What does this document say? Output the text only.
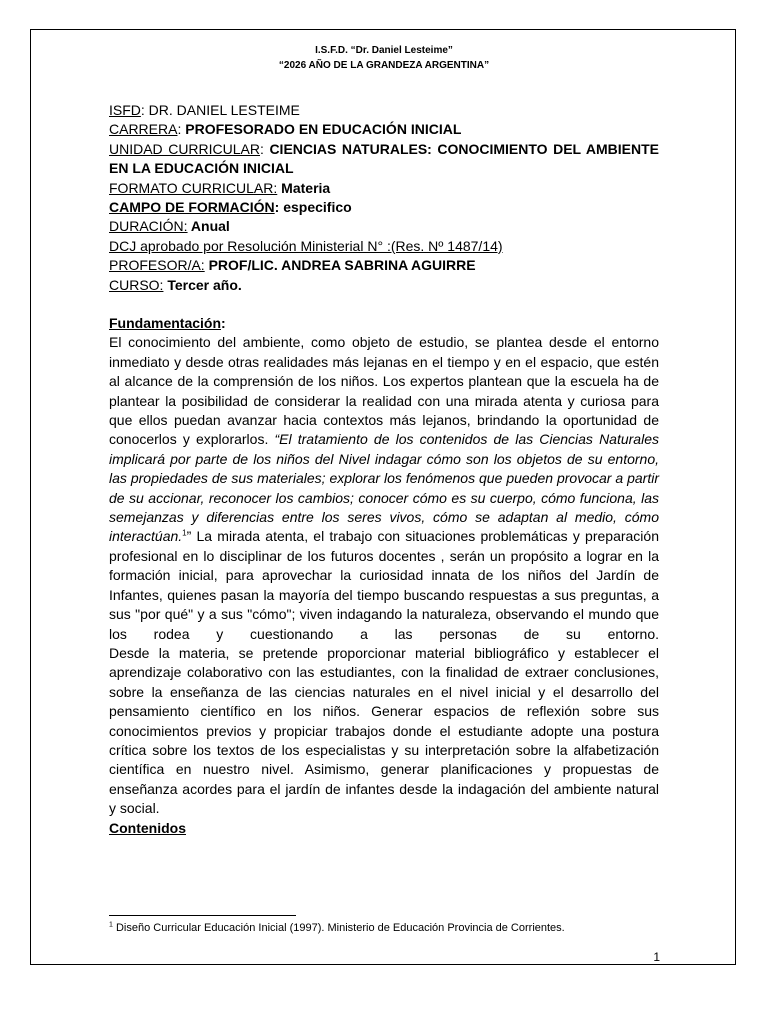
I.S.F.D. “Dr. Daniel Lesteime”
“2026 AÑO DE LA GRANDEZA ARGENTINA”
ISFD: DR. DANIEL LESTEIME
CARRERA: PROFESORADO EN EDUCACIÓN INICIAL
UNIDAD CURRICULAR: CIENCIAS NATURALES: CONOCIMIENTO DEL AMBIENTE EN LA EDUCACIÓN INICIAL
FORMATO CURRICULAR: Materia
CAMPO DE FORMACIÓN: especifico
DURACIÓN: Anual
DCJ aprobado por Resolución Ministerial N° :(Res. Nº 1487/14)
PROFESOR/A: PROF/LIC. ANDREA SABRINA AGUIRRE
CURSO: Tercer año.

Fundamentación:

El conocimiento del ambiente, como objeto de estudio, se plantea desde el entorno inmediato y desde otras realidades más lejanas en el tiempo y en el espacio, que estén al alcance de la comprensión de los niños. Los expertos plantean que la escuela ha de plantear la posibilidad de considerar la realidad con una mirada atenta y curiosa para que ellos puedan avanzar hacia contextos más lejanos, brindando la oportunidad de conocerlos y explorarlos. “El tratamiento de los contenidos de las Ciencias Naturales implicará por parte de los niños del Nivel indagar cómo son los objetos de su entorno, las propiedades de sus materiales; explorar los fenómenos que pueden provocar a partir de su accionar, reconocer los cambios; conocer cómo es su cuerpo, cómo funciona, las semejanzas y diferencias entre los seres vivos, cómo se adaptan al medio, cómo interactúan.$^1$” La mirada atenta, el trabajo con situaciones problemáticas y preparación profesional en lo disciplinar de los futuros docentes , serán un propósito a lograr en la formación inicial, para aprovechar la curiosidad innata de los niños del Jardín de Infantes, quienes pasan la mayoría del tiempo buscando respuestas a sus preguntas, a sus "por qué" y a sus "cómo"; viven indagando la naturaleza, observando el mundo que los rodea y cuestionando a las personas de su entorno.

Desde la materia, se pretende proporcionar material bibliográfico y establecer el aprendizaje colaborativo con las estudiantes, con la finalidad de extraer conclusiones, sobre la enseñanza de las ciencias naturales en el nivel inicial y el desarrollo del pensamiento científico en los niños. Generar espacios de reflexión sobre sus conocimientos previos y propiciar trabajos donde el estudiante adopte una postura crítica sobre los textos de los especialistas y su interpretación sobre la alfabetización científica en nuestro nivel. Asimismo, generar planificaciones y propuestas de enseñanza acordes para el jardín de infantes desde la indagación del ambiente natural y social.

Contenidos

$^1$ Diseño Curricular Educación Inicial (1997). Ministerio de Educación Provincia de Corrientes.
1
